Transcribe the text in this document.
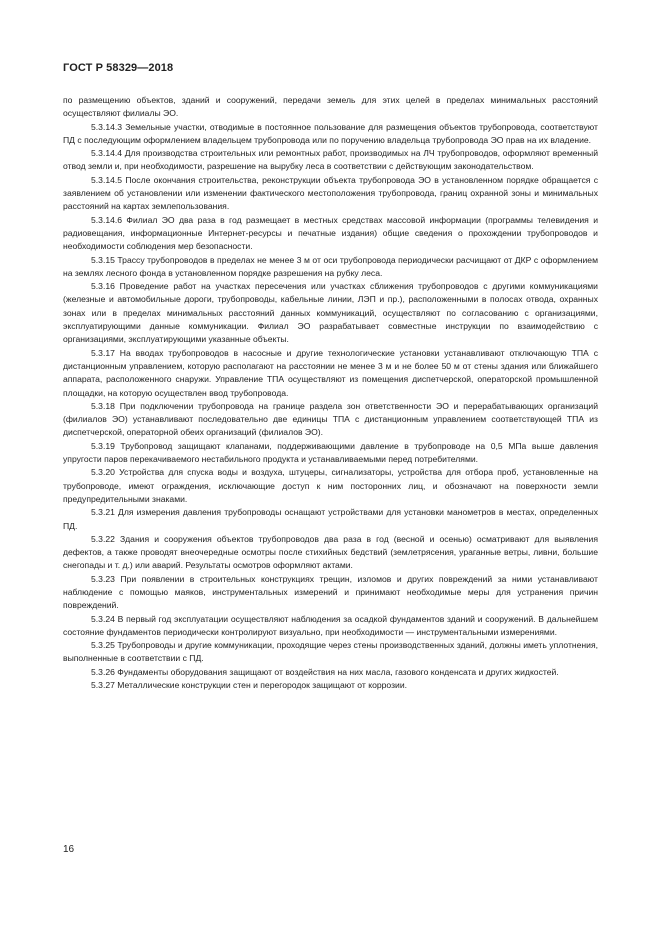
ГОСТ Р 58329—2018

по размещению объектов, зданий и сооружений, передачи земель для этих целей в пределах минимальных расстояний осуществляют филиалы ЭО.

5.3.14.3 Земельные участки, отводимые в постоянное пользование для размещения объектов трубопровода, соответствуют ПД с последующим оформлением владельцем трубопровода или по поручению владельца трубопровода ЭО прав на их владение.

5.3.14.4 Для производства строительных или ремонтных работ, производимых на ЛЧ трубопроводов, оформляют временный отвод земли и, при необходимости, разрешение на вырубку леса в соответствии с действующим законодательством.

5.3.14.5 После окончания строительства, реконструкции объекта трубопровода ЭО в установленном порядке обращается с заявлением об установлении или изменении фактического местоположения трубопровода, границ охранной зоны и минимальных расстояний на картах землепользования.

5.3.14.6 Филиал ЭО два раза в год размещает в местных средствах массовой информации (программы телевидения и радиовещания, информационные Интернет-ресурсы и печатные издания) общие сведения о прохождении трубопроводов и необходимости соблюдения мер безопасности.

5.3.15 Трассу трубопроводов в пределах не менее 3 м от оси трубопровода периодически расчищают от ДКР с оформлением на землях лесного фонда в установленном порядке разрешения на рубку леса.

5.3.16 Проведение работ на участках пересечения или участках сближения трубопроводов с другими коммуникациями (железные и автомобильные дороги, трубопроводы, кабельные линии, ЛЭП и пр.), расположенными в полосах отвода, охранных зонах или в пределах минимальных расстояний данных коммуникаций, осуществляют по согласованию с организациями, эксплуатирующими данные коммуникации. Филиал ЭО разрабатывает совместные инструкции по взаимодействию с организациями, эксплуатирующими указанные объекты.

5.3.17 На вводах трубопроводов в насосные и другие технологические установки устанавливают отключающую ТПА с дистанционным управлением, которую располагают на расстоянии не менее 3 м и не более 50 м от стены здания или ближайшего аппарата, расположенного снаружи. Управление ТПА осуществляют из помещения диспетчерской, операторской промышленной площадки, на которую осуществлен ввод трубопровода.

5.3.18 При подключении трубопровода на границе раздела зон ответственности ЭО и перерабатывающих организаций (филиалов ЭО) устанавливают последовательно две единицы ТПА с дистанционным управлением соответствующей ТПА из диспетчерской, операторной обеих организаций (филиалов ЭО).

5.3.19 Трубопровод защищают клапанами, поддерживающими давление в трубопроводе на 0,5 МПа выше давления упругости паров перекачиваемого нестабильного продукта и устанавливаемыми перед потребителями.

5.3.20 Устройства для спуска воды и воздуха, штуцеры, сигнализаторы, устройства для отбора проб, установленные на трубопроводе, имеют ограждения, исключающие доступ к ним посторонних лиц, и обозначают на поверхности земли предупредительными знаками.

5.3.21 Для измерения давления трубопроводы оснащают устройствами для установки манометров в местах, определенных ПД.

5.3.22 Здания и сооружения объектов трубопроводов два раза в год (весной и осенью) осматривают для выявления дефектов, а также проводят внеочередные осмотры после стихийных бедствий (землетрясения, ураганные ветры, ливни, большие снегопады и т. д.) или аварий. Результаты осмотров оформляют актами.

5.3.23 При появлении в строительных конструкциях трещин, изломов и других повреждений за ними устанавливают наблюдение с помощью маяков, инструментальных измерений и принимают необходимые меры для устранения причин повреждений.

5.3.24 В первый год эксплуатации осуществляют наблюдения за осадкой фундаментов зданий и сооружений. В дальнейшем состояние фундаментов периодически контролируют визуально, при необходимости — инструментальными измерениями.

5.3.25 Трубопроводы и другие коммуникации, проходящие через стены производственных зданий, должны иметь уплотнения, выполненные в соответствии с ПД.

5.3.26 Фундаменты оборудования защищают от воздействия на них масла, газового конденсата и других жидкостей.

5.3.27 Металлические конструкции стен и перегородок защищают от коррозии.

16
